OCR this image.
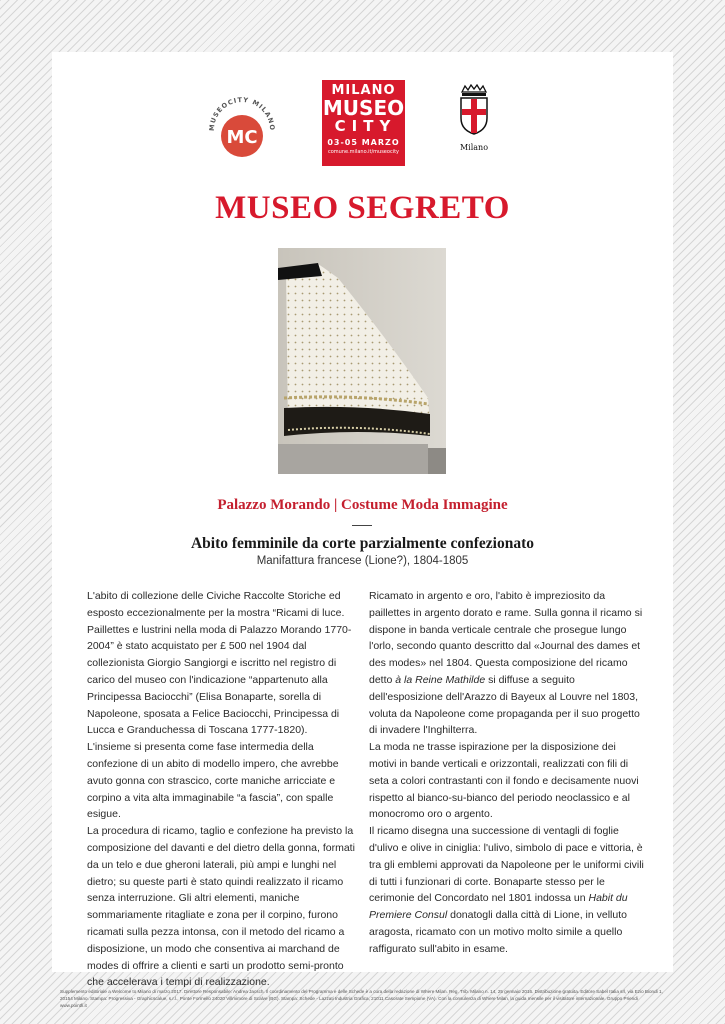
MUSEOCITY MILANO
MC
MILANO
MUSEO
CITY
03-05 MARZO
comune.milano.it/museocity	Milano
MUSEO SEGRETO
Palazzo Morando | Costume Moda Immagine
Abito femminile da corte parzialmente confezionato
Manifattura francese (Lione?), 1804-1805

L'abito di collezione delle Civiche Raccolte Storiche ed esposto eccezionalmente per la mostra “Ricami di luce. Paillettes e lustrini nella moda di Palazzo Morando 1770-2004” è stato acquistato per £ 500 nel 1904 dal collezionista Giorgio Sangiorgi e iscritto nel registro di carico del museo con l'indicazione “appartenuto alla Principessa Baciocchi” (Elisa Bonaparte, sorella di Napoleone, sposata a Felice Baciocchi, Principessa di Lucca e Granduchessa di Toscana 1777-1820).

L'insieme si presenta come fase intermedia della confezione di un abito di modello impero, che avrebbe avuto gonna con strascico, corte maniche arricciate e corpino a vita alta immaginabile “a fascia”, con spalle esigue.

La procedura di ricamo, taglio e confezione ha previsto la composizione del davanti e del dietro della gonna, formati da un telo e due gheroni laterali, più ampi e lunghi nel dietro; su queste parti è stato quindi realizzato il ricamo senza interruzione. Gli altri elementi, maniche sommariamente ritagliate e zona per il corpino, furono ricamati sulla pezza intonsa, con il metodo del ricamo a disposizione, un modo che consentiva ai marchand de modes di offrire a clienti e sarti un prodotto semi-pronto che accelerava i tempi di realizzazione.

Ricamato in argento e oro, l'abito è impreziosito da paillettes in argento dorato e rame. Sulla gonna il ricamo si dispone in banda verticale centrale che prosegue lungo l'orlo, secondo quanto descritto dal «Journal des dames et des modes» nel 1804. Questa composizione del ricamo detto à la Reine Mathilde si diffuse a seguito dell'esposizione dell'Arazzo di Bayeux al Louvre nel 1803, voluta da Napoleone come propaganda per il suo progetto di invadere l'Inghilterra.

La moda ne trasse ispirazione per la disposizione dei motivi in bande verticali e orizzontali, realizzati con fili di seta a colori contrastanti con il fondo e decisamente nuovi rispetto al bianco-su-bianco del periodo neoclassico e al monocromo oro o argento.

Il ricamo disegna una successione di ventagli di foglie d'ulivo e olive in ciniglia: l'ulivo, simbolo di pace e vittoria, è tra gli emblemi approvati da Napoleone per le uniformi civili di tutti i funzionari di corte. Bonaparte stesso per le cerimonie del Concordato nel 1801 indossa un Habit du Premiere Consul donatogli dalla città di Lione, in velluto aragosta, ricamato con un motivo molto simile a quello raffigurato sull'abito in esame.

Supplemento editoriale a Welcome to Milano di marzo 2017. Direttore Responsabile: Andrea Jacsch. Il coordinamento del Programma e delle Schede è a cura della redazione di Where Milan. Reg. Trib. Milano n. 14, 25 gennaio 2016. Distribuzione gratuita. Editore Sabel Italia srl, via Ezio Biondi 1, 20154 Milano. Stampa: Progressiva - Graphicscalue, s.r.l., Ponte Formello 24020 Villmimore di Scalve (BG). Stampa: Schede - Lazzati Industria Grafica, 21011 Casorate Sempione (VA). Con la consulenza di Where Milan, la guida mensile per il visitatore internazionale. Gruppo Priendi www.pointfi.it
